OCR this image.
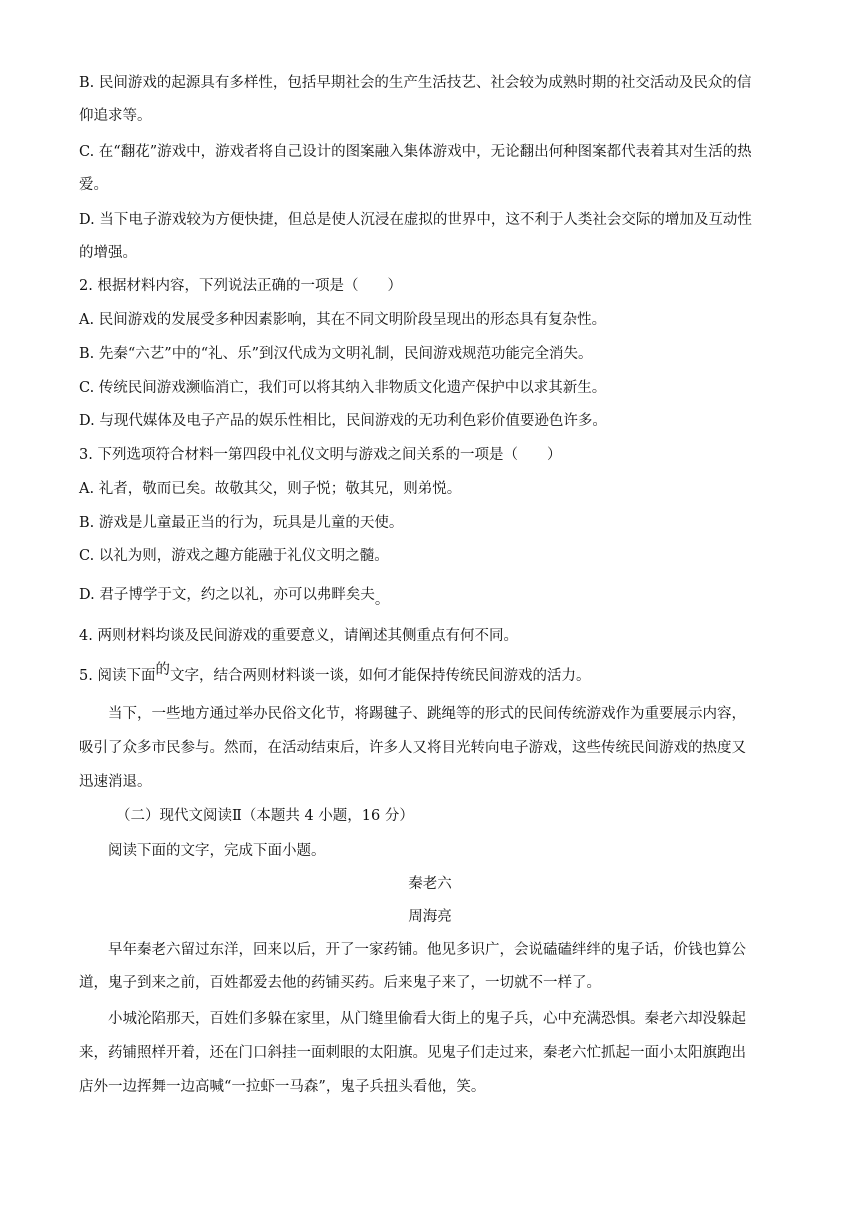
B. 民间游戏的起源具有多样性，包括早期社会的生产生活技艺、社会较为成熟时期的社交活动及民众的信
仰追求等。
C. 在“翻花”游戏中，游戏者将自己设计的图案融入集体游戏中，无论翻出何种图案都代表着其对生活的热
爱。
D. 当下电子游戏较为方便快捷，但总是使人沉浸在虚拟的世界中，这不利于人类社会交际的增加及互动性
的增强。
2. 根据材料内容，下列说法正确的一项是（　　）
A. 民间游戏的发展受多种因素影响，其在不同文明阶段呈现出的形态具有复杂性。
B. 先秦“六艺”中的“礼、乐”到汉代成为文明礼制，民间游戏规范功能完全消失。
C. 传统民间游戏濒临消亡，我们可以将其纳入非物质文化遗产保护中以求其新生。
D. 与现代媒体及电子产品的娱乐性相比，民间游戏的无功利色彩价值要逊色许多。
3. 下列选项符合材料一第四段中礼仪文明与游戏之间关系的一项是（　　）
A. 礼者，敬而已矣。故敬其父，则子悦；敬其兄，则弟悦。
B. 游戏是儿童最正当的行为，玩具是儿童的天使。
C. 以礼为则，游戏之趣方能融于礼仪文明之髓。
D. 君子博学于文，约之以礼，亦可以弗畔矣夫。
4. 两则材料均谈及民间游戏的重要意义，请阐述其侧重点有何不同。
5. 阅读下面的文字，结合两则材料谈一谈，如何才能保持传统民间游戏的活力。
当下，一些地方通过举办民俗文化节，将踢毽子、跳绳等的形式的民间传统游戏作为重要展示内容，
吸引了众多市民参与。然而，在活动结束后，许多人又将目光转向电子游戏，这些传统民间游戏的热度又
迅速消退。
（二）现代文阅读Ⅱ（本题共 4 小题，16 分）
阅读下面的文字，完成下面小题。
秦老六
周海亮
早年秦老六留过东洋，回来以后，开了一家药铺。他见多识广，会说磕磕绊绊的鬼子话，价钱也算公
道，鬼子到来之前，百姓都爱去他的药铺买药。后来鬼子来了，一切就不一样了。
小城沦陷那天，百姓们多躲在家里，从门缝里偷看大街上的鬼子兵，心中充满恐惧。秦老六却没躲起
来，药铺照样开着，还在门口斜挂一面刺眼的太阳旗。见鬼子们走过来，秦老六忙抓起一面小太阳旗跑出
店外一边挥舞一边高喊“一拉虾一马森”，鬼子兵扭头看他，笑。
